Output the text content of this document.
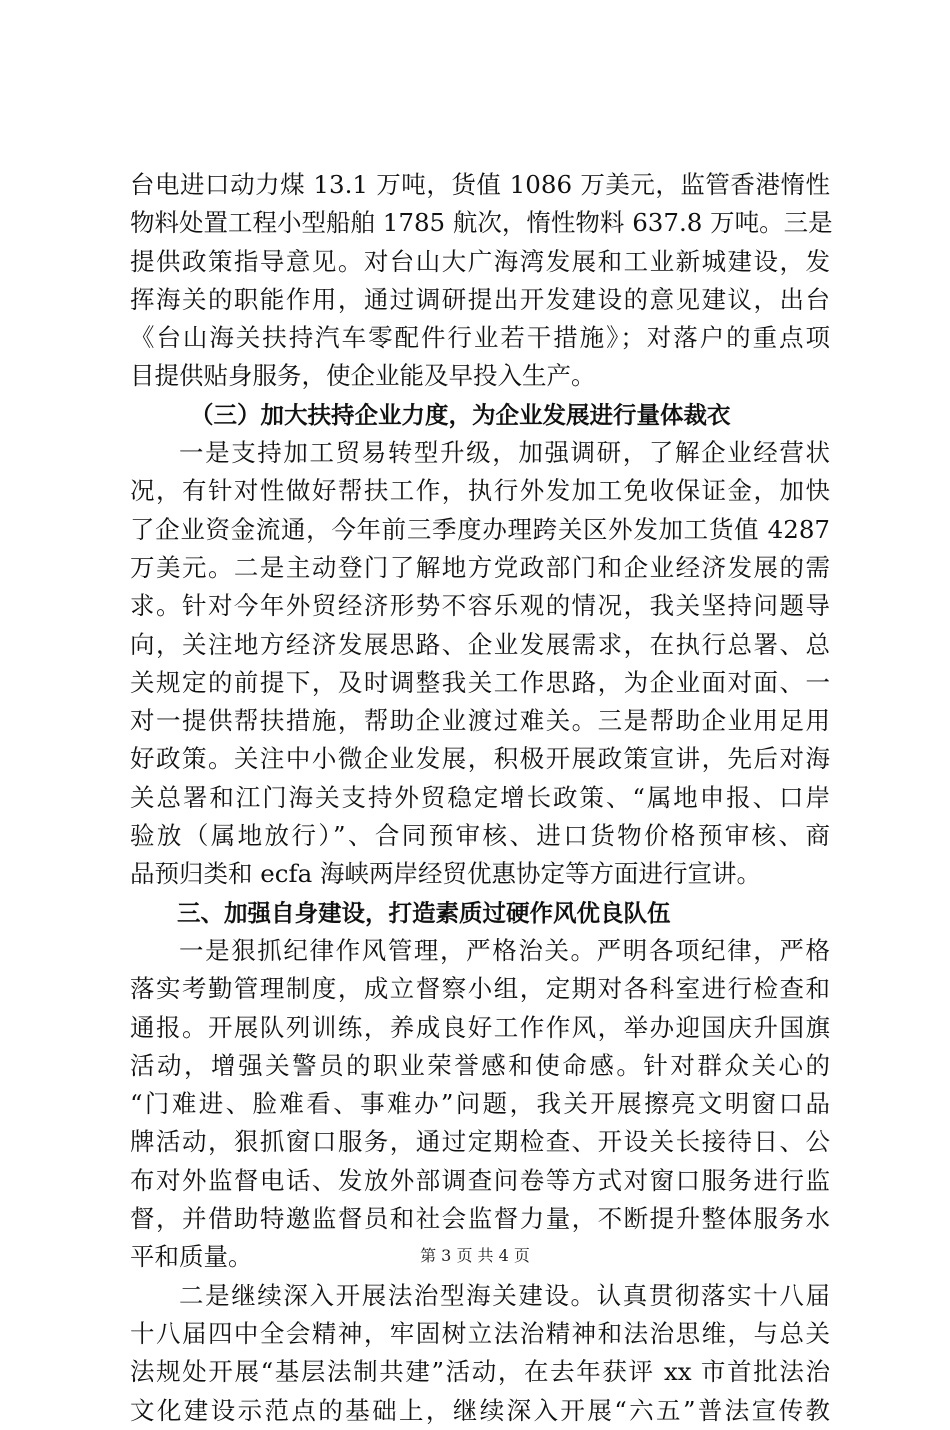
台电进口动力煤 13.1 万吨，货值 1086 万美元，监管香港惰性
物料处置工程小型船舶 1785 航次，惰性物料 637.8 万吨。三是
提供政策指导意见。对台山大广海湾发展和工业新城建设，发
挥海关的职能作用，通过调研提出开发建设的意见建议，出台
《台山海关扶持汽车零配件行业若干措施》；对落户的重点项
目提供贴身服务，使企业能及早投入生产。
（三）加大扶持企业力度，为企业发展进行量体裁衣
一是支持加工贸易转型升级，加强调研，了解企业经营状
况，有针对性做好帮扶工作，执行外发加工免收保证金，加快
了企业资金流通，今年前三季度办理跨关区外发加工货值 4287
万美元。二是主动登门了解地方党政部门和企业经济发展的需
求。针对今年外贸经济形势不容乐观的情况，我关坚持问题导
向，关注地方经济发展思路、企业发展需求，在执行总署、总
关规定的前提下，及时调整我关工作思路，为企业面对面、一
对一提供帮扶措施，帮助企业渡过难关。三是帮助企业用足用
好政策。关注中小微企业发展，积极开展政策宣讲，先后对海
关总署和江门海关支持外贸稳定增长政策、“属地申报、口岸
验放（属地放行）”、合同预审核、进口货物价格预审核、商
品预归类和 ecfa 海峡两岸经贸优惠协定等方面进行宣讲。
三、加强自身建设，打造素质过硬作风优良队伍
一是狠抓纪律作风管理，严格治关。严明各项纪律，严格
落实考勤管理制度，成立督察小组，定期对各科室进行检查和
通报。开展队列训练，养成良好工作作风，举办迎国庆升国旗
活动，增强关警员的职业荣誉感和使命感。针对群众关心的
“门难进、脸难看、事难办”问题，我关开展擦亮文明窗口品
牌活动，狠抓窗口服务，通过定期检查、开设关长接待日、公
布对外监督电话、发放外部调查问卷等方式对窗口服务进行监
督，并借助特邀监督员和社会监督力量，不断提升整体服务水
平和质量。
二是继续深入开展法治型海关建设。认真贯彻落实十八届
十八届四中全会精神，牢固树立法治精神和法治思维，与总关
法规处开展“基层法制共建”活动，在去年获评 xx 市首批法治
文化建设示范点的基础上，继续深入开展“六五”普法宣传教
第 3 页 共 4 页
